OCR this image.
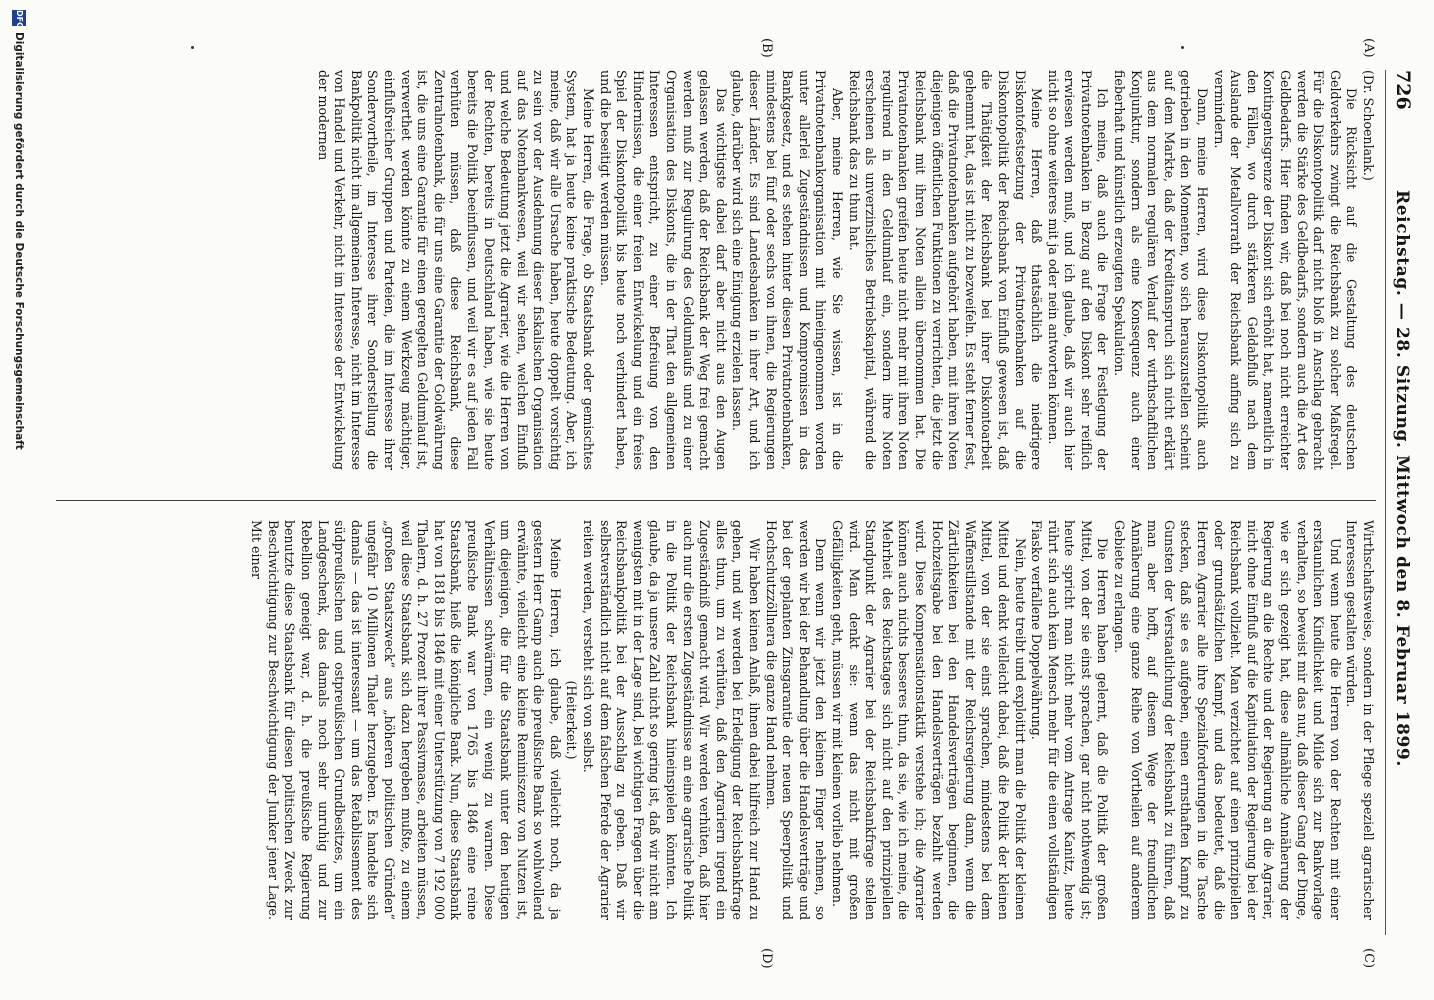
726
Reichstag. — 28. Sitzung. Mittwoch den 8. Februar 1899.
(A)
(B)
(C)
(D)

(Dr. Schoenlank.)

Die Rücksicht auf die Gestaltung des deutschen Geldverkehrs zwingt die Reichsbank zu solcher Maßregel. Für die Diskontopolitik darf nicht bloß in Anschlag gebracht werden die Stärke des Geldbedarfs, sondern auch die Art des Geldbedarfs. Hier finden wir, daß bei noch nicht erreichter Kontingentsgrenze der Diskont sich erhöht hat, namentlich in den Fällen, wo durch stärkeren Geldabfluß nach dem Auslande der Metallvorrath der Reichsbank anfing sich zu vermindern.

Dann, meine Herren, wird diese Diskontopolitik auch getrieben in den Momenten, wo sich herauszustellen scheint auf dem Markte, daß der Kreditanspruch sich nicht erklärt aus dem normalen regulären Verlauf der wirthschaftlichen Konjunktur, sondern als eine Konsequenz auch einer fieberhaft und künstlich erzeugten Spekulation.

Ich meine, daß auch die Frage der Festlegung der Privatnotenbanken in Bezug auf den Diskont sehr reiflich erwiesen werden muß, und ich glaube, daß wir auch hier nicht so ohne weiteres mit ja oder nein antworten können.

Meine Herren, daß thatsächlich die niedrigere Diskontofestsetzung der Privatnotenbanken auf die Diskontopolitik der Reichsbank von Einfluß gewesen ist, daß die Thätigkeit der Reichsbank bei ihrer Diskontoarbeit gehemmt hat, das ist nicht zu bezweifeln. Es steht ferner fest, daß die Privatnotenbanken aufgehört haben, mit ihren Noten diejenigen öffentlichen Funktionen zu verrichten, die jetzt die Reichsbank mit ihren Noten allein übernommen hat. Die Privatnotenbanken greifen heute nicht mehr mit ihren Noten regulirend in den Geldumlauf ein, sondern ihre Noten erscheinen als unverzinsliches Betriebskapital, während die Reichsbank das zu thun hat.

Aber, meine Herren, wie Sie wissen, ist in die Privatnotenbankorganisation mit hineingenommen worden unter allerlei Zugeständnissen und Kompromissen in das Bankgesetz, und es stehen hinter diesen Privatnotenbanken, mindestens bei fünf oder sechs von ihnen, die Regierungen dieser Länder. Es sind Landesbanken in ihrer Art, und ich glaube, darüber wird sich eine Einigung erzielen lassen.

Das wichtigste dabei darf aber nicht aus den Augen gelassen werden, daß der Reichsbank der Weg frei gemacht werden muß zur Regulirung des Geldumlaufs und zu einer Organisation des Diskonts, die in der That den allgemeinen Interessen entspricht, zu einer Befreiung von den Hindernissen, die einer freien Entwickelung und ein freies Spiel der Diskontopolitik bis heute noch verhindert haben, und die beseitigt werden müssen.

Meine Herren, die Frage, ob Staatsbank oder gemischtes System, hat ja heute keine praktische Bedeutung. Aber, ich meine, daß wir alle Ursache haben, heute doppelt vorsichtig zu sein vor der Ausdehnung dieser fiskalischen Organisation auf das Notenbankwesen, weil wir sehen, welchen Einfluß und welche Bedeutung jetzt die Agrarier, wie die Herren von der Rechten, bereits in Deutschland haben, wie sie heute bereits die Politik beeinflussen, und weil wir es auf jeden Fall verhüten müssen, daß diese Reichsbank, diese Zentralnotenbank, die für uns eine Garantie der Goldwährung ist, die uns eine Garantie für einen geregelten Geldumlauf ist, verwerthet werden könnte zu einem Werkzeug mächtiger, einflußreicher Gruppen und Parteien, die im Interesse ihrer Sondervortheile, im Interesse ihrer Sonderstellung die Bankpolitik nicht im allgemeinen Interesse, nicht im Interesse von Handel und Verkehr, nicht im Interesse der Entwickelung der modernen

Wirthschaftsweise, sondern in der Pflege speziell agrarischer Interessen gestalten würden.

Und wenn heute die Herren von der Rechten mit einer erstaunlichen Kindlichkeit und Milde sich zur Bankvorlage verhalten, so beweist mir das nur, daß dieser Gang der Dinge, wie er sich gezeigt hat, diese allmähliche Annäherung der Regierung an die Rechte und der Regierung an die Agrarier, nicht ohne Einfluß auf die Kapitulation der Regierung bei der Reichsbank vollzieht. Man verzichtet auf einen prinzipiellen oder grundsätzlichen Kampf, und das bedeutet, daß die Herren Agrarier alle ihre Spezialforderungen in die Tasche stecken, daß sie es aufgeben, einen ernsthaften Kampf zu Gunsten der Verstaatlichung der Reichsbank zu führen, daß man aber hofft, auf diesem Wege der freundlichen Annäherung eine ganze Reihe von Vortheilen auf anderem Gebiete zu erlangen.

Die Herren haben gelernt, daß die Politik der großen Mittel, von der sie einst sprachen, gar nicht nothwendig ist; heute spricht man nicht mehr vom Antrage Kanitz, heute rührt sich auch kein Mensch mehr für die einen vollständigen Fiasko verfallene Doppelwährung.

Nein, heute treibt und exploitirt man die Politik der kleinen Mittel und denkt vielleicht dabei, daß die Politik der kleinen Mittel, von der sie einst sprachen, mindestens bei dem Waffenstillstande mit der Reichsregierung dann, wenn die Zärtlichkeiten bei den Handelsverträgen beginnen, die Hochzeitsgabe bei den Handelsverträgen bezahlt werden wird. Diese Kompensationstaktik verstehe ich; die Agrarier können auch nichts besseres thun, da sie, wie ich meine, die Mehrheit des Reichstages sich nicht auf den prinzipiellen Standpunkt der Agrarier bei der Reichsbankfrage stellen wird. Man denkt sie: wenn das nicht mit großen Gefälligkeiten geht, müssen wir mit kleinen vorlieb nehmen.

Denn wenn wir jetzt den kleinen Finger nehmen, so werden wir bei der Behandlung über die Handelsverträge und bei der geplanten Zinsgarantie der neuen Speerpolitik und Hochschutzzöllnera die ganze Hand nehmen.

Wir haben keinen Anlaß, ihnen dabei hilfreich zur Hand zu gehen, und wir werden bei Erledigung der Reichsbankfrage alles thun, um zu verhüten, daß den Agrariern irgend ein Zugeständniß gemacht wird. Wir werden verhüten, daß hier auch nur die ersten Zugeständnisse an eine agrarische Politik in die Politik der Reichsbank hineinspielen könnten. Ich glaube, da ja unsere Zahl nicht so gering ist, daß wir nicht am wenigsten mit in der Lage sind, bei wichtigen Fragen über die Reichsbankpolitik bei der Ausschlag zu geben. Daß wir selbstverständlich nicht auf dem falschen Pferde der Agrarier reiten werden, versteht sich von selbst.

(Heiterkeit.)

Meine Herren, ich glaube, daß vielleicht noch, da ja gestern Herr Gamp auch die preußische Bank so wohlwollend erwähnte, vielleicht eine kleine Reminiszenz von Nutzen ist, um diejenigen, die für die Staatsbank unter den heutigen Verhältnissen schwärmen, ein wenig zu warnen. Diese preußische Bank war von 1765 bis 1846 eine reine Staatsbank, hieß die königliche Bank. Nun, diese Staatsbank hat von 1818 bis 1846 mit einer Unterstützung von 7 192 000 Thalern, d. h. 27 Prozent ihrer Passivmasse, arbeiten müssen, weil diese Staatsbank sich dazu hergeben mußte, zu einem „großen Staatszweck“ aus „höheren politischen Gründen“ ungefähr 10 Millionen Thaler herzugeben. Es handelte sich damals — das ist interessant — um das Retablissement des südpreußischen und ostpreußischen Grundbesitzes, um ein Landgeschenk, das damals noch sehr unruhig und zur Rebellion geneigt war, d. h. die preußische Regierung benutzte diese Staatsbank für diesen politischen Zweck zur Beschwichtigung zur Beschwichtigung der Junker jener Lage. Mit einer

DFGDigitalisierung gefördert durch die Deutsche Forschungsgemeinschaft
